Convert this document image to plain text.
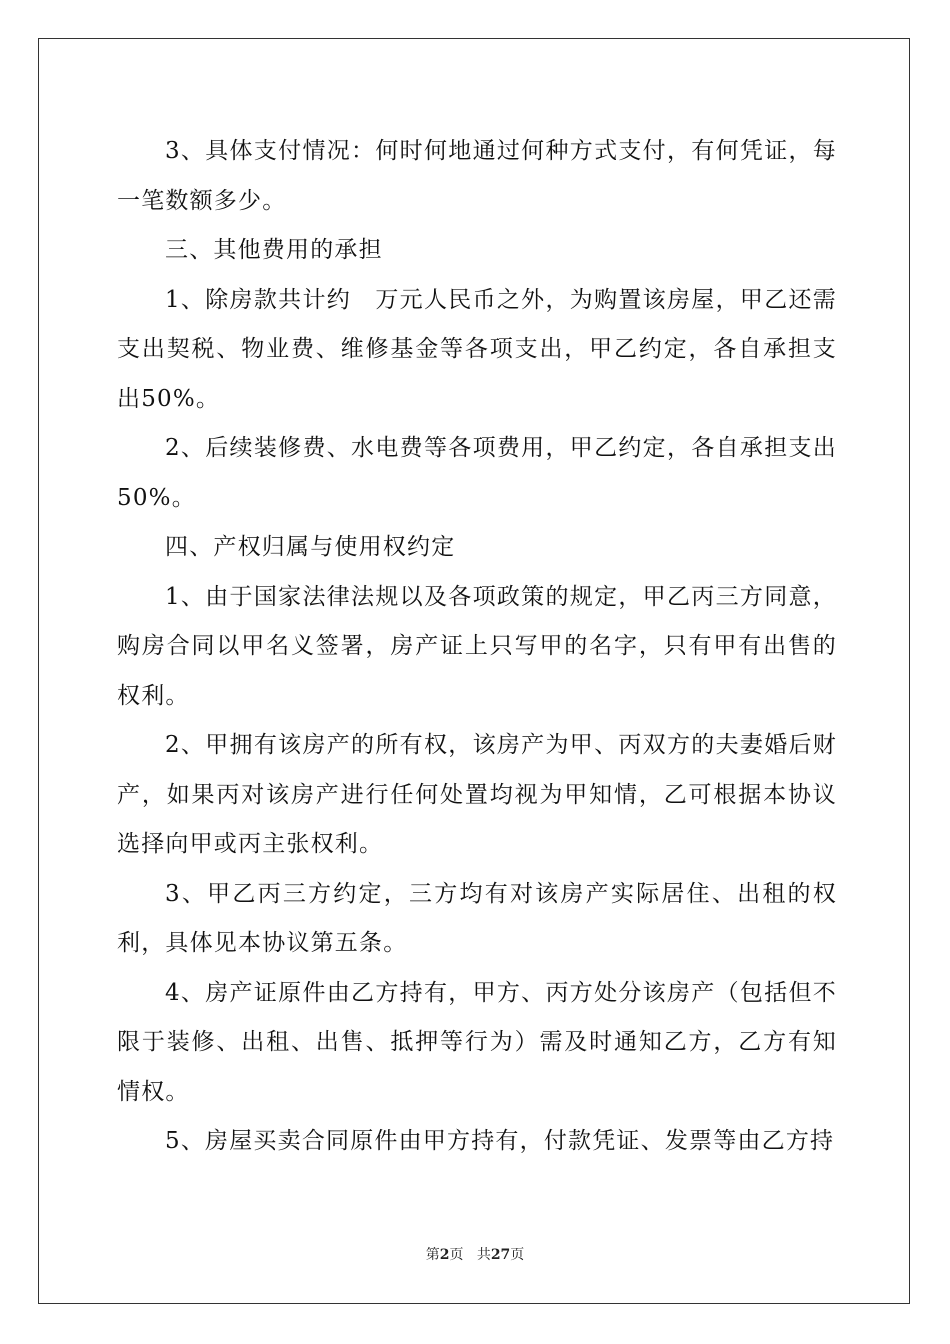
3、具体支付情况：何时何地通过何种方式支付，有何凭证，每一笔数额多少。

三、其他费用的承担

1、除房款共计约　万元人民币之外，为购置该房屋，甲乙还需支出契税、物业费、维修基金等各项支出，甲乙约定，各自承担支出50%。

2、后续装修费、水电费等各项费用，甲乙约定，各自承担支出50%。

四、产权归属与使用权约定

1、由于国家法律法规以及各项政策的规定，甲乙丙三方同意，购房合同以甲名义签署，房产证上只写甲的名字，只有甲有出售的权利。

2、甲拥有该房产的所有权，该房产为甲、丙双方的夫妻婚后财产，如果丙对该房产进行任何处置均视为甲知情，乙可根据本协议选择向甲或丙主张权利。

3、甲乙丙三方约定，三方均有对该房产实际居住、出租的权利，具体见本协议第五条。

4、房产证原件由乙方持有，甲方、丙方处分该房产（包括但不限于装修、出租、出售、抵押等行为）需及时通知乙方，乙方有知情权。

5、房屋买卖合同原件由甲方持有，付款凭证、发票等由乙方持

第2页 共27页
